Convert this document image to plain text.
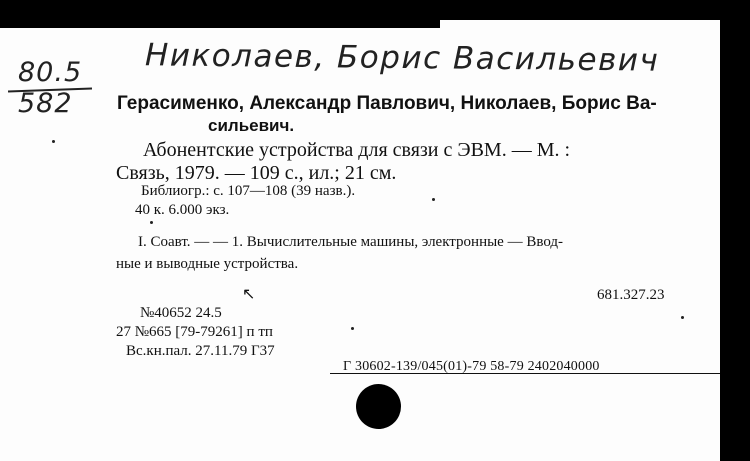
80.5
582
Николаев, Борис Васильевич
Герасименко, Александр Павлович, Николаев, Борис Ва-
сильевич.
Абонентские устройства для связи с ЭВМ. — М. :
Связь, 1979. — 109 с., ил.; 21 см.
Библиогр.: с. 107—108 (39 назв.).
40 к. 6.000 экз.
I. Соавт. — — 1. Вычислительные машины, электронные — Ввод-
ные и выводные устройства.
↖	681.327.23
№40652 24.5
27 №665 [79-79261] п тп
Вс.кн.пал. 27.11.79 Г37
Г 30602-139/045(01)-79 58-79 2402040000
